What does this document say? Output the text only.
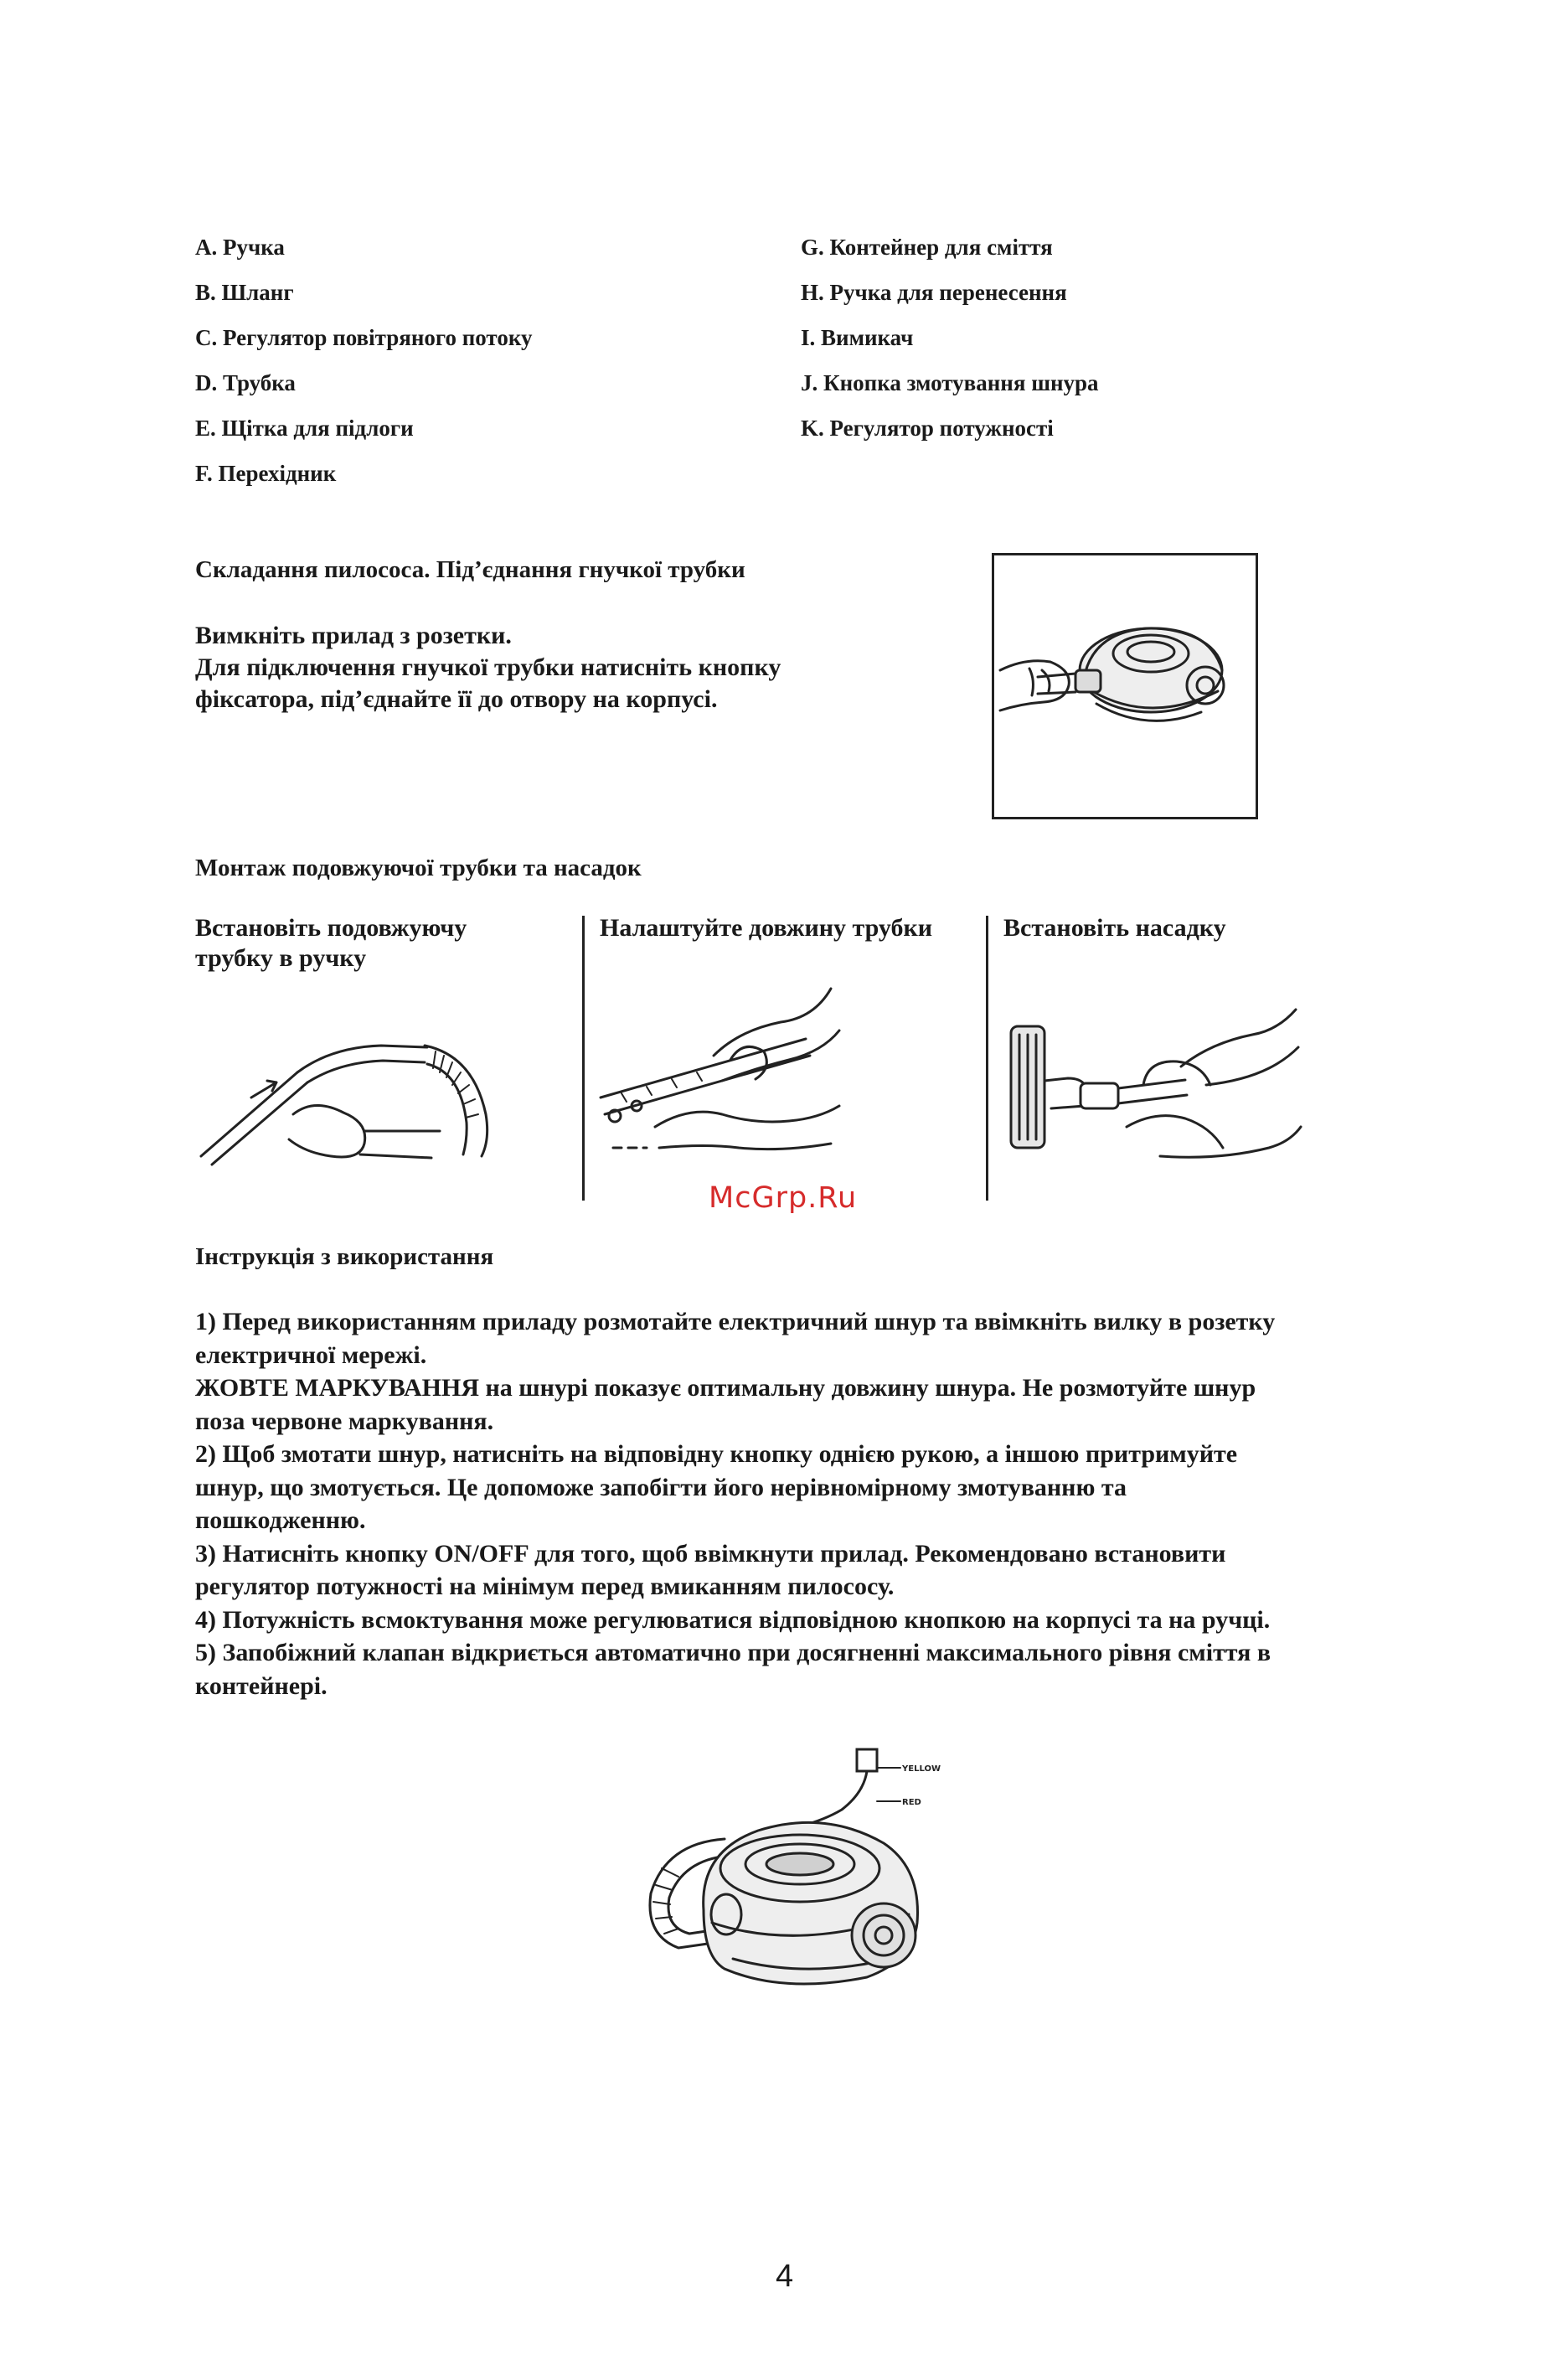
A. Ручка
B. Шланг
C. Регулятор повітряного потоку
D. Трубка
E. Щітка для підлоги
F. Перехідник
G. Контейнер для сміття
H. Ручка для перенесення
I. Вимикач
J. Кнопка змотування шнура
K. Регулятор потужності
Складання пилососа. Під’єднання гнучкої трубки
Вимкніть прилад з розетки.
Для підключення гнучкої трубки натисніть кнопку
фіксатора, під’єднайте її до отвору на корпусі.
Монтаж подовжуючої трубки та насадок
Встановіть подовжуючу
трубку в ручку
Налаштуйте довжину трубки	Встановіть насадку
McGrp.Ru
Інструкція з використання
1) Перед використанням приладу розмотайте електричний шнур та ввімкніть вилку в розетку
електричної мережі.
ЖОВТЕ МАРКУВАННЯ на шнурі показує оптимальну довжину шнура. Не розмотуйте шнур
поза червоне маркування.
2) Щоб змотати шнур, натисніть на відповідну кнопку однією рукою, а іншою притримуйте
шнур, що змотується. Це допоможе запобігти його нерівномірному змотуванню та
пошкодженню.
3) Натисніть кнопку ON/OFF для того, щоб ввімкнути прилад. Рекомендовано встановити
регулятор потужності на мінімум перед вмиканням пилососу.
4) Потужність всмоктування може регулюватися відповідною кнопкою на корпусі та на ручці.
5) Запобіжний клапан відкриється автоматично при досягненні максимального рівня сміття в
контейнері.
YELLOW
RED
4
